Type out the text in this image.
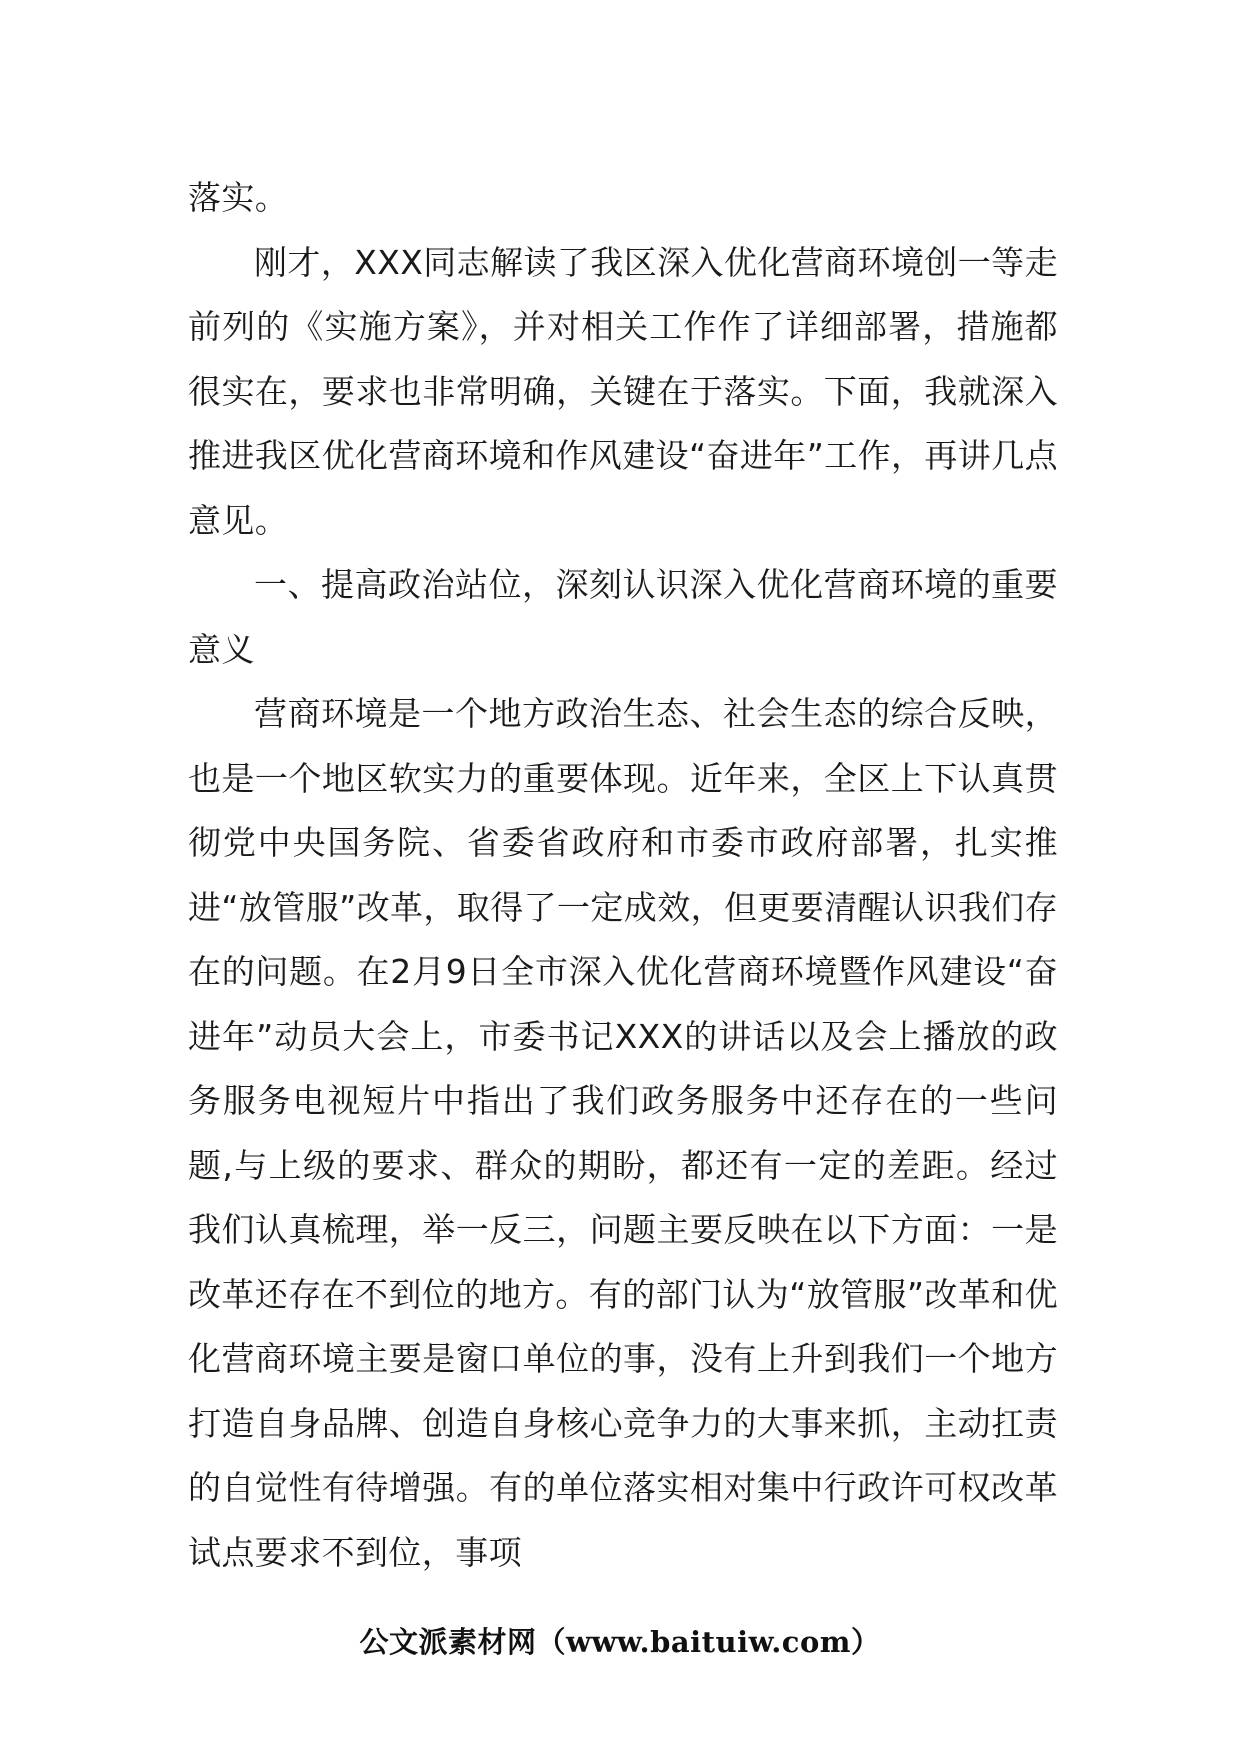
落实。

刚才，XXX同志解读了我区深入优化营商环境创一等走前列的《实施方案》，并对相关工作作了详细部署，措施都很实在，要求也非常明确，关键在于落实。下面，我就深入推进我区优化营商环境和作风建设“奋进年”工作，再讲几点意见。

一、提高政治站位，深刻认识深入优化营商环境的重要意义

营商环境是一个地方政治生态、社会生态的综合反映，也是一个地区软实力的重要体现。近年来，全区上下认真贯彻党中央国务院、省委省政府和市委市政府部署，扎实推进“放管服”改革，取得了一定成效，但更要清醒认识我们存在的问题。在2月9日全市深入优化营商环境暨作风建设“奋进年”动员大会上，市委书记XXX的讲话以及会上播放的政务服务电视短片中指出了我们政务服务中还存在的一些问题,与上级的要求、群众的期盼，都还有一定的差距。经过我们认真梳理，举一反三，问题主要反映在以下方面：一是改革还存在不到位的地方。有的部门认为“放管服”改革和优化营商环境主要是窗口单位的事，没有上升到我们一个地方打造自身品牌、创造自身核心竞争力的大事来抓，主动扛责的自觉性有待增强。有的单位落实相对集中行政许可权改革试点要求不到位，事项

公文派素材网（www.baituiw.com）
